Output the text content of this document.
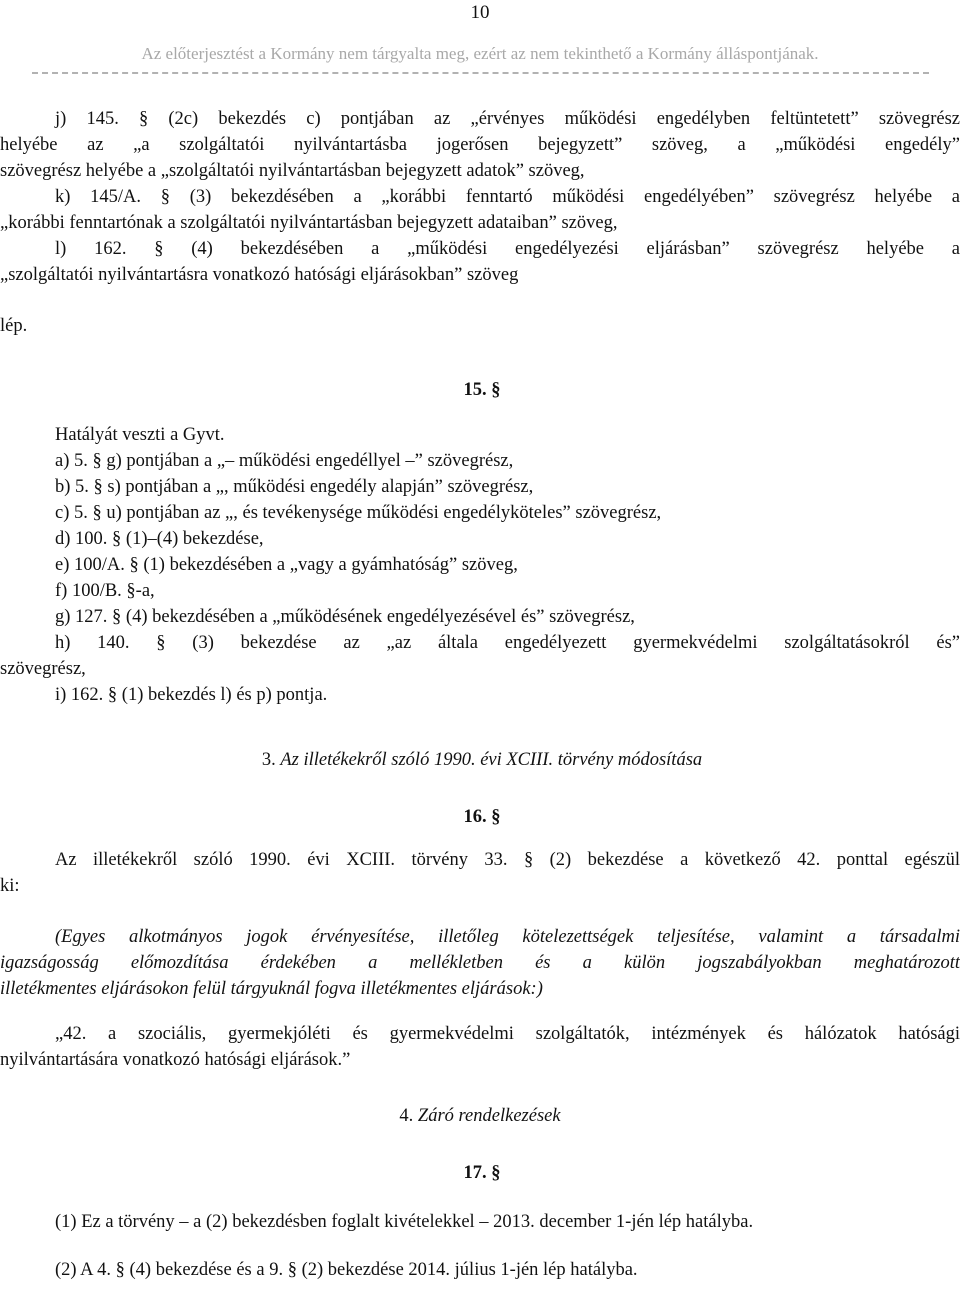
10
Az előterjesztést a Kormány nem tárgyalta meg, ezért az nem tekinthető a Kormány álláspontjának.

j) 145. § (2c) bekezdés c) pontjában az „érvényes működési engedélyben feltüntetett” szövegrész

helyébe az „a szolgáltatói nyilvántartásba jogerősen bejegyzett” szöveg, a „működési engedély”

szövegrész helyébe a „szolgáltatói nyilvántartásban bejegyzett adatok” szöveg,

k) 145/A. § (3) bekezdésében a „korábbi fenntartó működési engedélyében” szövegrész helyébe a

„korábbi fenntartónak a szolgáltatói nyilvántartásban bejegyzett adataiban” szöveg,

l) 162. § (4) bekezdésében a „működési engedélyezési eljárásban” szövegrész helyébe a

„szolgáltatói nyilvántartásra vonatkozó hatósági eljárásokban” szöveg

lép.

15. §

Hatályát veszti a Gyvt.

a) 5. § g) pontjában a „– működési engedéllyel –” szövegrész,

b) 5. § s) pontjában a „, működési engedély alapján” szövegrész,

c) 5. § u) pontjában az „, és tevékenysége működési engedélyköteles” szövegrész,

d) 100. § (1)–(4) bekezdése,

e) 100/A. § (1) bekezdésében a „vagy a gyámhatóság” szöveg,

f) 100/B. §-a,

g) 127. § (4) bekezdésében a „működésének engedélyezésével és” szövegrész,

h) 140. § (3) bekezdése az „az általa engedélyezett gyermekvédelmi szolgáltatásokról és”

szövegrész,

i) 162. § (1) bekezdés l) és p) pontja.

3. Az illetékekről szóló 1990. évi XCIII. törvény módosítása

16. §

Az illetékekről szóló 1990. évi XCIII. törvény 33. § (2) bekezdése a következő 42. ponttal egészül

ki:

(Egyes alkotmányos jogok érvényesítése, illetőleg kötelezettségek teljesítése, valamint a társadalmi

igazságosság előmozdítása érdekében a mellékletben és a külön jogszabályokban meghatározott

illetékmentes eljárásokon felül tárgyuknál fogva illetékmentes eljárások:)

„42. a szociális, gyermekjóléti és gyermekvédelmi szolgáltatók, intézmények és hálózatok hatósági

nyilvántartására vonatkozó hatósági eljárások.”

4. Záró rendelkezések

17. §

(1) Ez a törvény – a (2) bekezdésben foglalt kivételekkel – 2013. december 1-jén lép hatályba.

(2) A 4. § (4) bekezdése és a 9. § (2) bekezdése 2014. július 1-jén lép hatályba.
